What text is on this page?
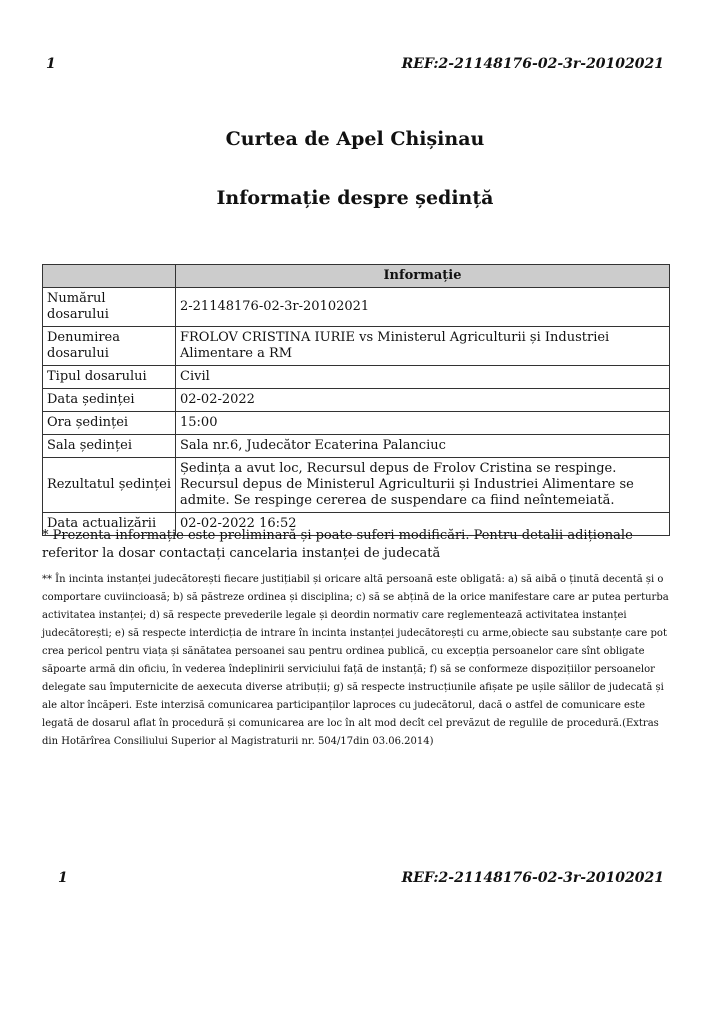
1	REF:2-21148176-02-3r-20102021
Curtea de Apel Chișinau
Informație despre ședință
	Informație
Numărul dosarului	2-21148176-02-3r-20102021
Denumirea dosarului	FROLOV CRISTINA IURIE vs Ministerul Agriculturii și Industriei Alimentare a RM
Tipul dosarului	Civil
Data ședinței	02-02-2022
Ora ședinței	15:00
Sala ședinței	Sala nr.6, Judecător Ecaterina Palanciuc
Rezultatul ședinței	Ședința a avut loc, Recursul depus de Frolov Cristina se respinge. Recursul depus de Ministerul Agriculturii și Industriei Alimentare se admite. Se respinge cererea de suspendare ca fiind neîntemeiată.
Data actualizării	02-02-2022 16:52
* Prezenta informație este preliminară și poate suferi modificări. Pentru detalii adiționale referitor la dosar contactați cancelaria instanței de judecată
** În incinta instanței judecătorești fiecare justițiabil și oricare altă persoană este obligată: a) să aibă o ținută decentă și o comportare cuviincioasă; b) să păstreze ordinea și disciplina; c) să se abțină de la orice manifestare care ar putea perturba activitatea instanței; d) să respecte prevederile legale și deordin normativ care reglementează activitatea instanței judecătorești; e) să respecte interdicția de intrare în incinta instanței judecătorești cu arme,obiecte sau substanțe care pot crea pericol pentru viața și sănătatea persoanei sau pentru ordinea publică, cu excepția persoanelor care sînt obligate săpoarte armă din oficiu, în vederea îndeplinirii serviciului față de instanță; f) să se conformeze dispozițiilor persoanelor delegate sau împuternicite de aexecuta diverse atribuții; g) să respecte instrucțiunile afișate pe ușile sălilor de judecată și ale altor încăperi. Este interzisă comunicarea participanților laproces cu judecătorul, dacă o astfel de comunicare este legată de dosarul aflat în procedură și comunicarea are loc în alt mod decît cel prevăzut de regulile de procedură.(Extras din Hotărîrea Consiliului Superior al Magistraturii nr. 504/17din 03.06.2014)
1	REF:2-21148176-02-3r-20102021
